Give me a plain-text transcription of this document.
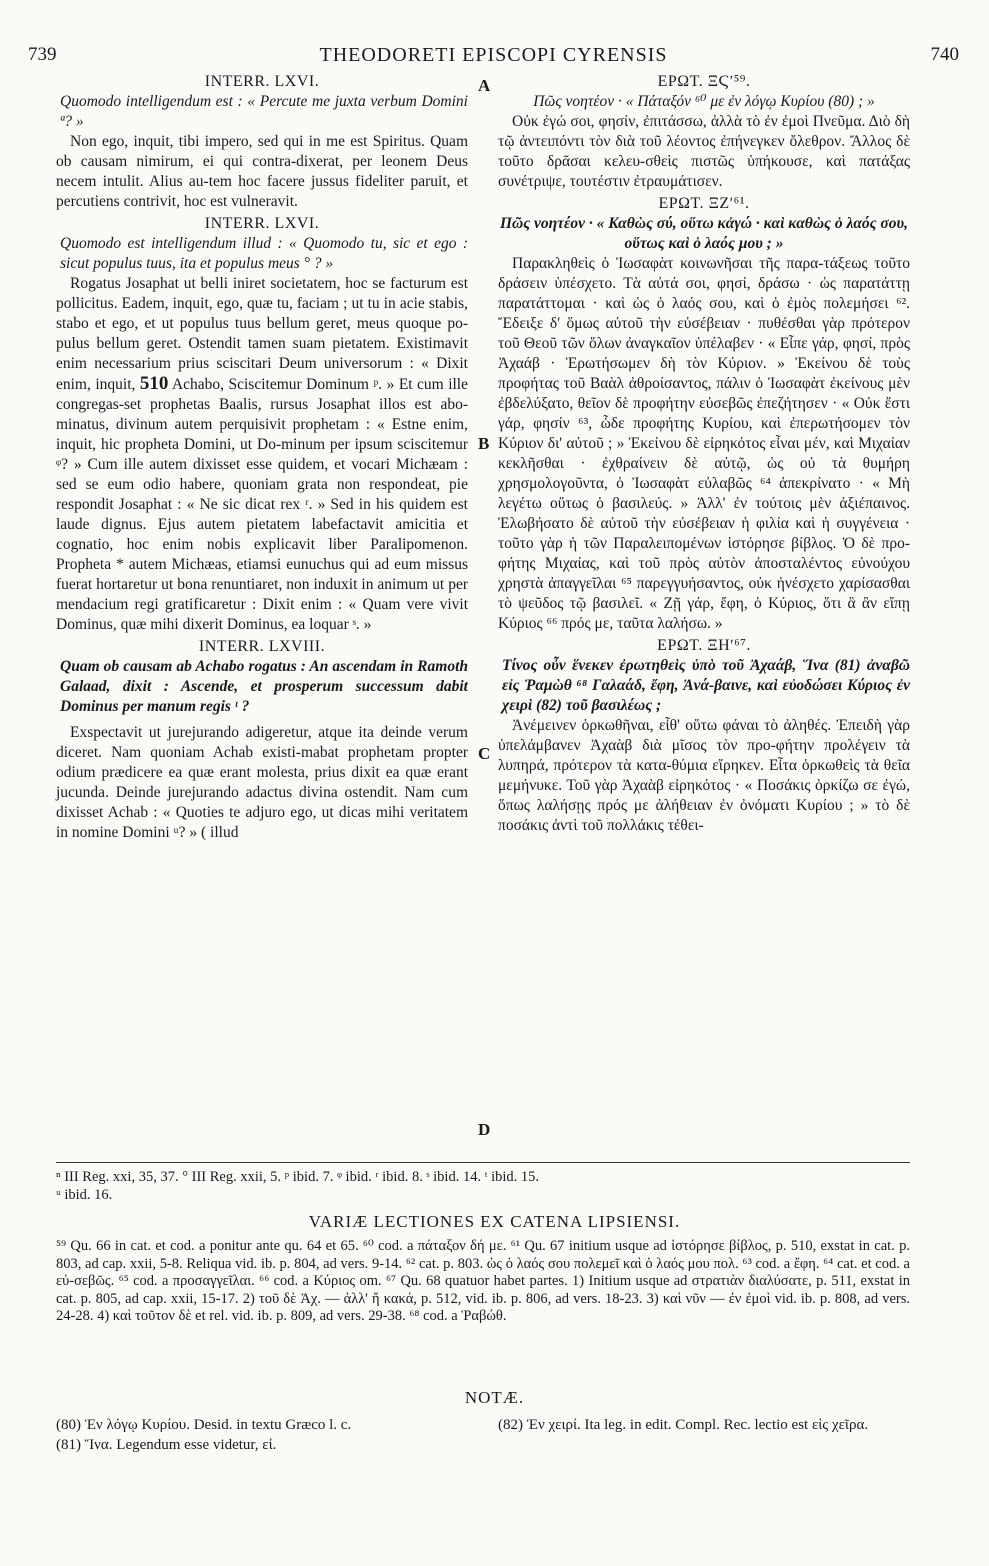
739	THEODORETI EPISCOPI CYRENSIS	740
A
B
C
D

INTERR. LXVI.

Quomodo intelligendum est : « Percute me juxta verbum Domini ª? »

Non ego, inquit, tibi impero, sed qui in me est Spiritus. Quam ob causam nimirum, ei qui contra-dixerat, per leonem Deus necem intulit. Alius au-tem hoc facere jussus fideliter paruit, et percutiens contrivit, hoc est vulneravit.

INTERR. LXVI.

Quomodo est intelligendum illud : « Quomodo tu, sic et ego : sicut populus tuus, ita et populus meus ° ? »

Rogatus Josaphat ut belli iniret societatem, hoc se facturum est pollicitus. Eadem, inquit, ego, quæ tu, faciam ; ut tu in acie stabis, stabo et ego, et ut populus tuus bellum geret, meus quoque po-pulus bellum geret. Ostendit tamen suam pietatem. Existimavit enim necessarium prius sciscitari Deum universorum : « Dixit enim, inquit, 510 Achabo, Sciscitemur Dominum ᵖ. » Et cum ille congregas-set prophetas Baalis, rursus Josaphat illos est abo-minatus, divinum autem perquisivit prophetam : « Estne enim, inquit, hic propheta Domini, ut Do-minum per ipsum sciscitemur ᵠ? » Cum ille autem dixisset esse quidem, et vocari Michæam : sed se eum odio habere, quoniam grata non respondeat, pie respondit Josaphat : « Ne sic dicat rex ʳ. » Sed in his quidem est laude dignus. Ejus autem pietatem labefactavit amicitia et cognatio, hoc enim nobis explicavit liber Paralipomenon. Propheta * autem Michæas, etiamsi eunuchus qui ad eum missus fuerat hortaretur ut bona renuntiaret, non induxit in animum ut per mendacium regi gratificaretur : Dixit enim : « Quam vere vivit Dominus, quæ mihi dixerit Dominus, ea loquar ˢ. »

INTERR. LXVIII.

Quam ob causam ab Achabo rogatus : An ascendam in Ramoth Galaad, dixit : Ascende, et prosperum successum dabit Dominus per manum regis ᵗ ?

Exspectavit ut jurejurando adigeretur, atque ita deinde verum diceret. Nam quoniam Achab existi-mabat prophetam propter odium prædicere ea quæ erant molesta, prius dixit ea quæ erant jucunda. Deinde jurejurando adactus divina ostendit. Nam cum dixisset Achab : « Quoties te adjuro ego, ut dicas mihi veritatem in nomine Domini ᵘ? » ( illud

ΕΡΩΤ. ΞϚʹ⁵⁹.

Πῶς νοητέον · « Πάταξόν ⁶⁰ με ἐν λόγῳ Κυρίου (80) ; »

Οὐκ ἐγώ σοι, φησίν, ἐπιτάσσω, ἀλλὰ τὸ ἐν ἐμοὶ Πνεῦμα. Διὸ δὴ τῷ ἀντειπόντι τὸν διὰ τοῦ λέοντος ἐπήνεγκεν ὄλεθρον. Ἄλλος δὲ τοῦτο δρᾶσαι κελευ-σθεὶς πιστῶς ὑπήκουσε, καὶ πατάξας συνέτριψε, τουτέστιν ἐτραυμάτισεν.

ΕΡΩΤ. ΞΖʹ⁶¹.

Πῶς νοητέον · « Καθὼς σύ, οὕτω κἀγώ · καὶ καθὼς ὁ λαός σου, οὕτως καὶ ὁ λαός μου ; »

Παρακληθεὶς ὁ Ἰωσαφὰτ κοινωνῆσαι τῆς παρα-τάξεως τοῦτο δράσειν ὑπέσχετο. Τὰ αὐτά σοι, φησί, δράσω · ὡς παρατάττῃ παρατάττομαι · καὶ ὡς ὁ λαός σου, καὶ ὁ ἐμὸς πολεμήσει ⁶². Ἔδειξε δ' ὅμως αὐτοῦ τὴν εὐσέβειαν · πυθέσθαι γὰρ πρότερον τοῦ Θεοῦ τῶν ὅλων ἀναγκαῖον ὑπέλαβεν · « Εἶπε γάρ, φησί, πρὸς Ἀχαάβ · Ἐρωτήσωμεν δὴ τὸν Κύριον. » Ἐκείνου δὲ τοὺς προφήτας τοῦ Βαὰλ ἀθροίσαντος, πάλιν ὁ Ἰωσαφὰτ ἐκείνους μὲν ἐβδελύξατο, θεῖον δὲ προφήτην εὐσεβῶς ἐπεζήτησεν · « Οὐκ ἔστι γάρ, φησίν ⁶³, ὧδε προφήτης Κυρίου, καὶ ἐπερωτήσομεν τὸν Κύριον δι' αὐτοῦ ; » Ἐκείνου δὲ εἰρηκότος εἶναι μέν, καὶ Μιχαίαν κεκλῆσθαι · ἐχθραίνειν δὲ αὐτῷ, ὡς οὐ τὰ θυμήρη χρησμολογοῦντα, ὁ Ἰωσαφὰτ εὐλαβῶς ⁶⁴ ἀπεκρίνατο · « Μὴ λεγέτω οὕτως ὁ βασιλεύς. » Ἀλλ' ἐν τούτοις μὲν ἀξιέπαινος. Ἐλωβήσατο δὲ αὐτοῦ τὴν εὐσέβειαν ἡ φιλία καὶ ἡ συγγένεια · τοῦτο γὰρ ἡ τῶν Παραλειπομένων ἱστόρησε βίβλος. Ὁ δὲ προ-φήτης Μιχαίας, καὶ τοῦ πρὸς αὐτὸν ἀποσταλέντος εὐνούχου χρηστὰ ἀπαγγεῖλαι ⁶⁵ παρεγγυήσαντος, οὐκ ἠνέσχετο χαρίσασθαι τὸ ψεῦδος τῷ βασιλεῖ. « Ζῇ γάρ, ἔφη, ὁ Κύριος, ὅτι ἃ ἂν εἴπῃ Κύριος ⁶⁶ πρός με, ταῦτα λαλήσω. »

ΕΡΩΤ. ΞΗʹ⁶⁷.

Τίνος οὖν ἕνεκεν ἐρωτηθεὶς ὑπὸ τοῦ Ἀχαάβ, Ἵνα (81) ἀναβῶ εἰς Ῥαμὼθ ⁶⁸ Γαλαάδ, ἔφη, Ἀνά-βαινε, καὶ εὐοδώσει Κύριος ἐν χειρὶ (82) τοῦ βασιλέως ;

Ἀνέμεινεν ὁρκωθῆναι, εἶθ' οὕτω φάναι τὸ ἀληθές. Ἐπειδὴ γὰρ ὑπελάμβανεν Ἀχαὰβ διὰ μῖσος τὸν προ-φήτην προλέγειν τὰ λυπηρά, πρότερον τὰ κατα-θύμια εἴρηκεν. Εἶτα ὁρκωθεὶς τὰ θεῖα μεμήνυκε. Τοῦ γὰρ Ἀχαὰβ εἰρηκότος · « Ποσάκις ὁρκίζω σε ἐγώ, ὅπως λαλήσῃς πρός με ἀλήθειαν ἐν ὀνόματι Κυρίου ; » τὸ δὲ ποσάκις ἀντὶ τοῦ πολλάκις τέθει-

ⁿ III Reg. xxi, 35, 37. ° III Reg. xxii, 5. ᵖ ibid. 7. ᵠ ibid. ʳ ibid. 8. ˢ ibid. 14. ᵗ ibid. 15.
ᵘ ibid. 16.
VARIÆ LECTIONES EX CATENA LIPSIENSI.
⁵⁹ Qu. 66 in cat. et cod. a ponitur ante qu. 64 et 65. ⁶⁰ cod. a πάταξον δή με. ⁶¹ Qu. 67 initium usque ad ἱστόρησε βίβλος, p. 510, exstat in cat. p. 803, ad cap. xxii, 5-8. Reliqua vid. ib. p. 804, ad vers. 9-14. ⁶² cat. p. 803. ὡς ὁ λαός σου πολεμεῖ καὶ ὁ λαός μου πολ. ⁶³ cod. a ἔφη. ⁶⁴ cat. et cod. a εὐ-σεβῶς. ⁶⁵ cod. a προσαγγεῖλαι. ⁶⁶ cod. a Κύριος om. ⁶⁷ Qu. 68 quatuor habet partes. 1) Initium usque ad στρατιὰν διαλύσατε, p. 511, exstat in cat. p. 805, ad cap. xxii, 15-17. 2) τοῦ δὲ Ἀχ. — ἀλλ' ἤ κακά, p. 512, vid. ib. p. 806, ad vers. 18-23. 3) καὶ νῦν — ἐν ἐμοὶ vid. ib. p. 808, ad vers. 24-28. 4) καὶ τοῦτον δὲ et rel. vid. ib. p. 809, ad vers. 29-38. ⁶⁸ cod. a Ῥαβώθ.
NOTÆ.
(80) Ἐν λόγῳ Κυρίου. Desid. in textu Græco l. c.
(81) Ἵνα. Legendum esse videtur, εἰ.
(82) Ἐν χειρί. Ita leg. in edit. Compl. Rec. lectio est εἰς χεῖρα.
